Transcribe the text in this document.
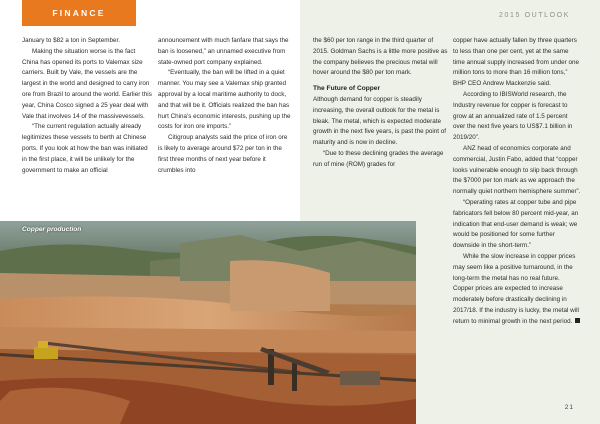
FINANCE	2015 OUTLOOK

January to $82 a ton in September.

Making the situation worse is the fact China has opened its ports to Valemax size carriers. Built by Vale, the vessels are the largest in the world and designed to carry iron ore from Brazil to around the world. Earlier this year, China Cosco signed a 25 year deal with Vale that involves 14 of the massivevessels.

“The current regulation actually already legitimizes these vessels to berth at Chinese ports. If you look at how the ban was initiated in the first place, it will be unlikely for the government to make an official

announcement with much fanfare that says the ban is loosened,” an unnamed executive from state-owned port company explained.

“Eventually, the ban will be lifted in a quiet manner. You may see a Valemax ship granted approval by a local maritime authority to dock, and that will be it. Officials realized the ban has hurt China's economic interests, pushing up the costs for iron ore imports.”

Citigroup analysts said the price of iron ore is likely to average around $72 per ton in the first three months of next year before it crumbles into

the $60 per ton range in the third quarter of 2015. Goldman Sachs is a little more positive as the company believes the precious metal will hover around the $80 per ton mark.

The Future of Copper

Although demand for copper is steadily increasing, the overall outlook for the metal is bleak. The metal, which is expected moderate growth in the next five years, is past the point of maturity and is now in decline.

“Due to these declining grades the average run of mine (ROM) grades for

copper have actually fallen by three quarters to less than one per cent, yet at the same time annual supply increased from under one million tons to more than 16 million tons,” BHP CEO Andrew Mackenzie said.

According to IBISWorld research, the Industry revenue for copper is forecast to grow at an annualized rate of 1.5 percent over the next five years to US$7.1 billion in 2019/20”.

ANZ head of economics corporate and commercial, Justin Fabo, added that “copper looks vulnerable enough to slip back through the $7000 per ton mark as we approach the normally quiet northern hemisphere summer”.

“Operating rates at copper tube and pipe fabricators fell below 80 percent mid-year, an indication that end-user demand is weak; we would be positioned for some further downside in the short-term.”

While the slow increase in copper prices may seem like a positive turnaround, in the long-term the metal has no real future. Copper prices are expected to increase moderately before drastically declining in 2017/18. If the industry is lucky, the metal will return to minimal growth in the next period.

Copper production
21
